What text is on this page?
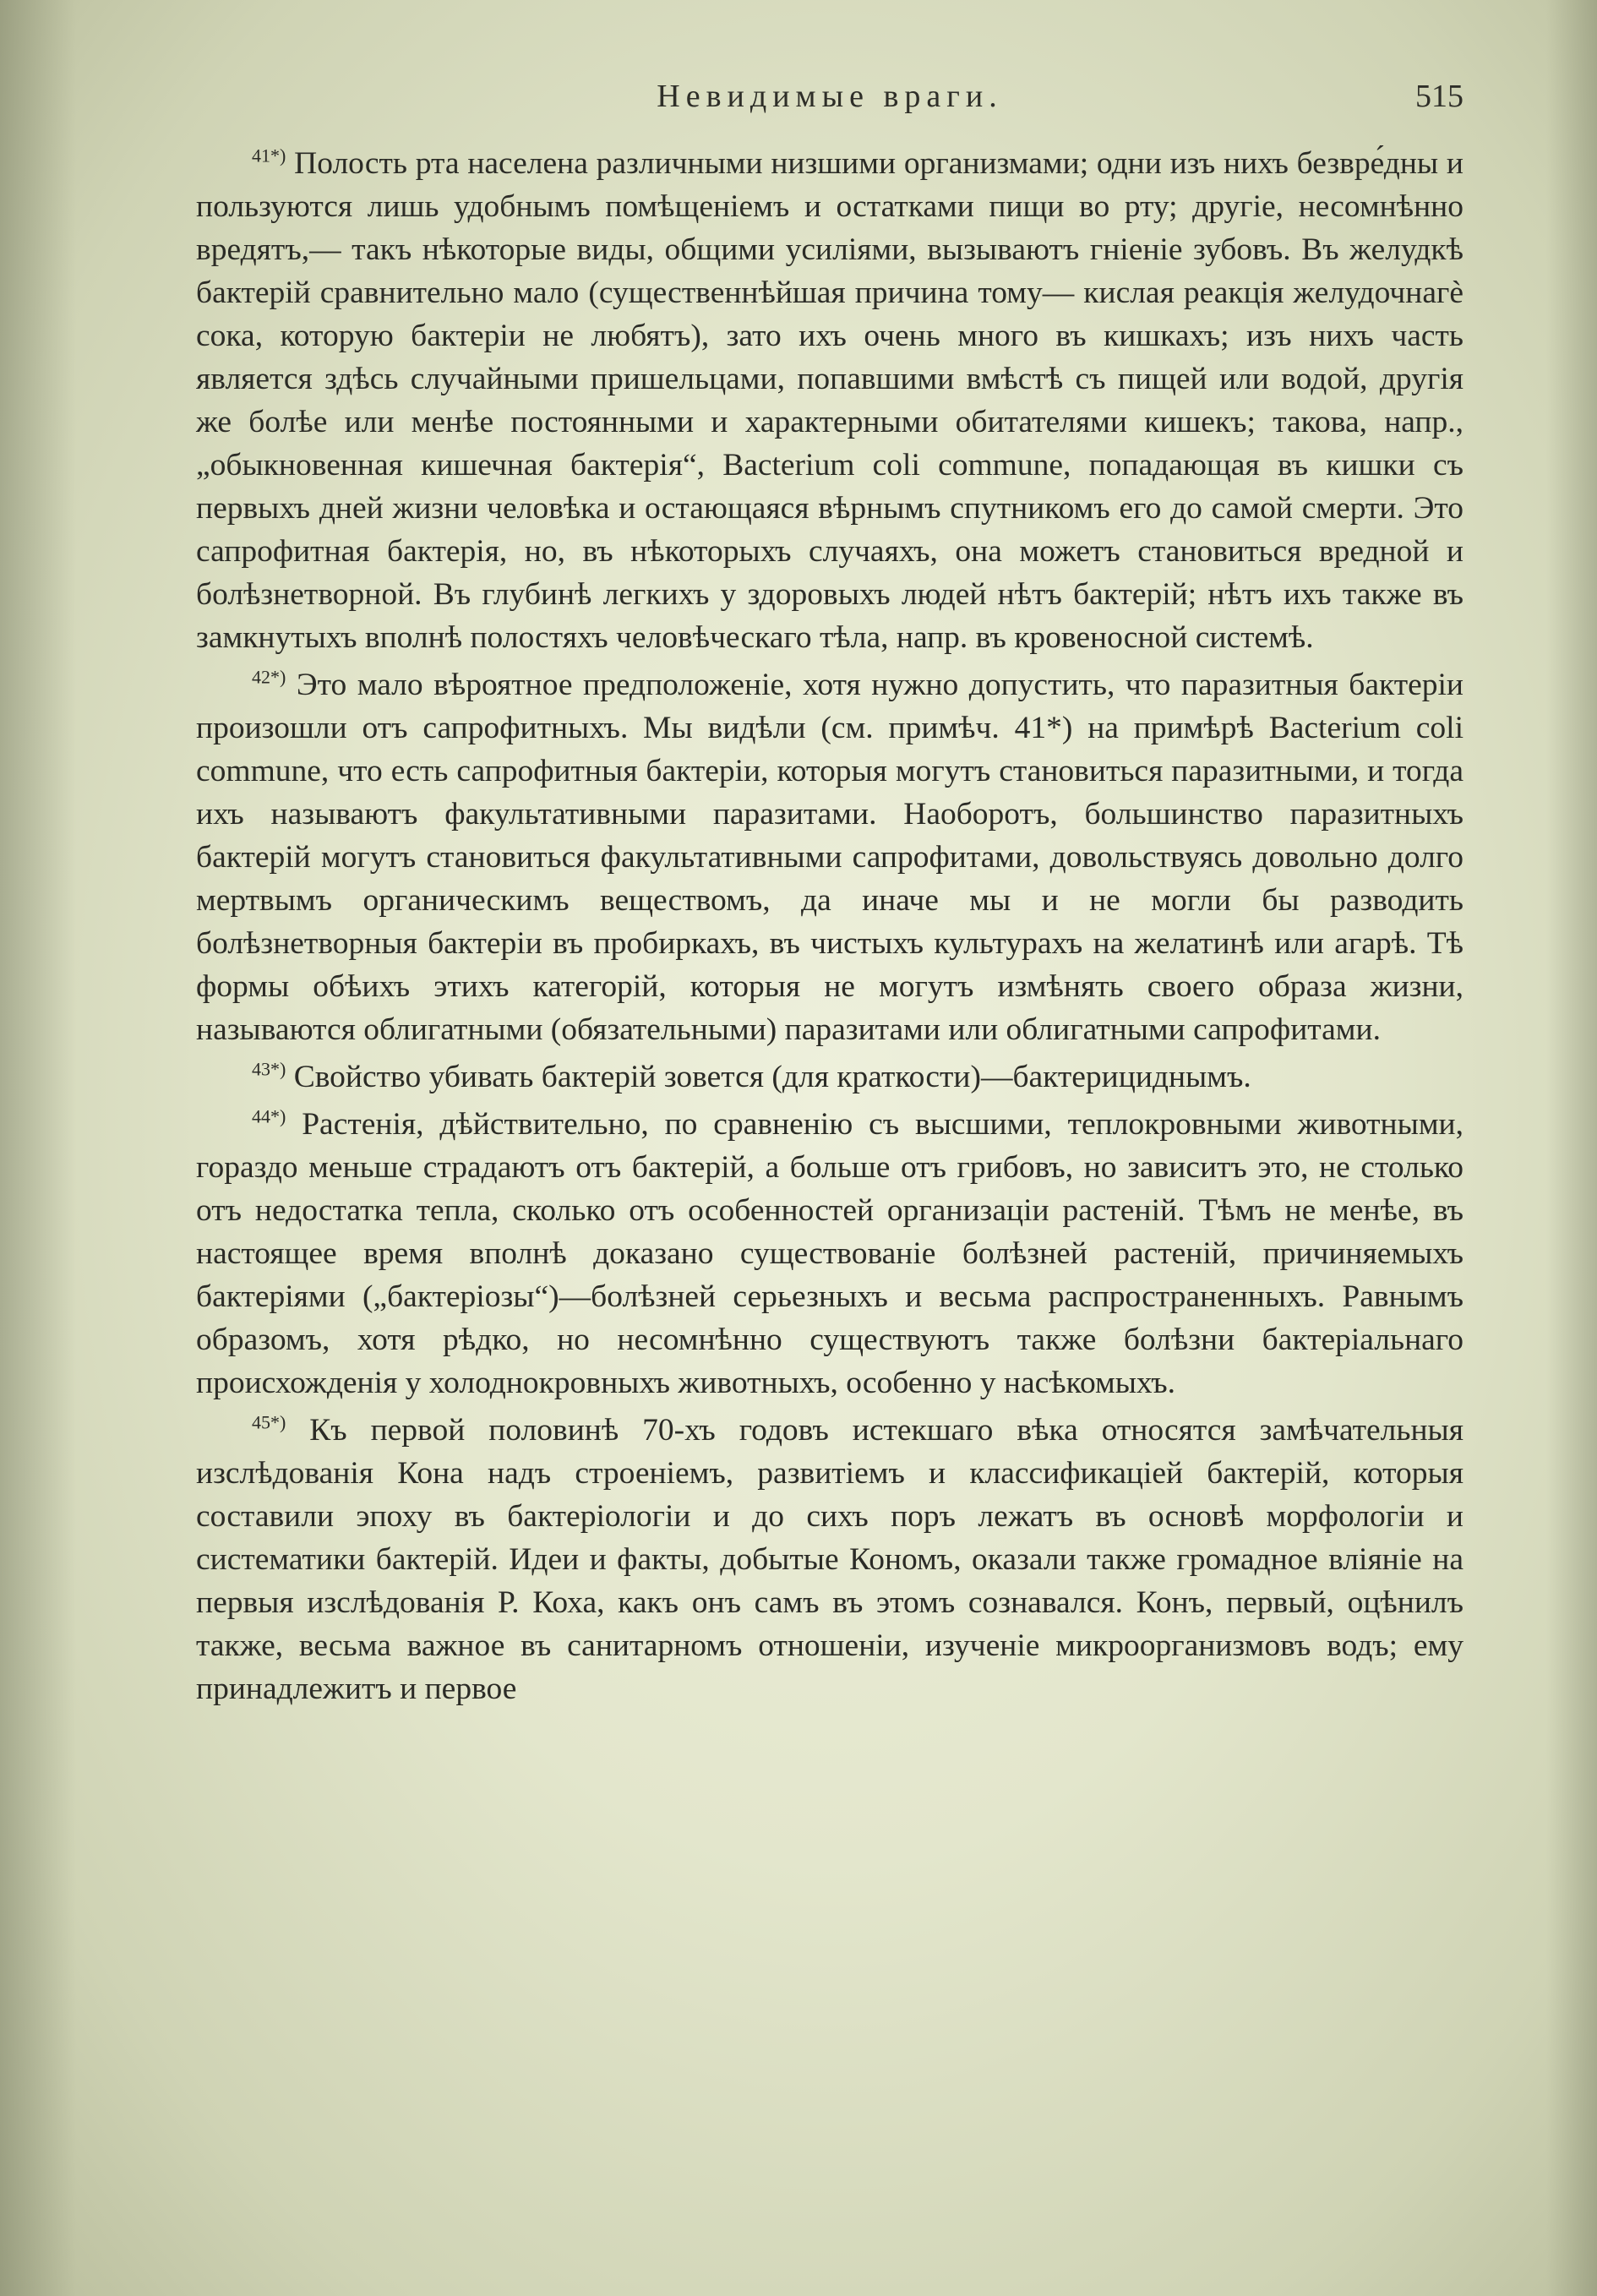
Невидимые враги.	515

$^{41*)}$ Полость рта населена различными низшими организмами; одни изъ нихъ безвре́дны и пользуются лишь удобнымъ помѣщеніемъ и остатками пищи во рту; другіе, несомнѣнно вредятъ,— такъ нѣкоторые виды, общими усиліями, вызываютъ гніеніе зубовъ. Въ желудкѣ бактерій сравнительно мало (существеннѣйшая причина тому— кислая реакція желудочнагѐ сока, которую бактеріи не любятъ), зато ихъ очень много въ кишкахъ; изъ нихъ часть является здѣсь случайными пришельцами, попавшими вмѣстѣ съ пищей или водой, другія же болѣе или менѣе постоянными и характерными обитателями кишекъ; такова, напр., „обыкновенная кишечная бактерія“, Bacterium coli commune, попадающая въ кишки съ первыхъ дней жизни человѣка и остающаяся вѣрнымъ спутникомъ его до самой смерти. Это сапрофитная бактерія, но, въ нѣкоторыхъ случаяхъ, она можетъ становиться вредной и болѣзнетворной. Въ глубинѣ легкихъ у здоровыхъ людей нѣтъ бактерій; нѣтъ ихъ также въ замкнутыхъ вполнѣ полостяхъ человѣческаго тѣла, напр. въ кровеносной системѣ.

$^{42*)}$ Это мало вѣроятное предположеніе, хотя нужно допустить, что паразитныя бактеріи произошли отъ сапрофитныхъ. Мы видѣли (см. примѣч. 41*) на примѣрѣ Bacterium coli commune, что есть сапрофитныя бактеріи, которыя могутъ становиться паразитными, и тогда ихъ называютъ факультативными паразитами. Наоборотъ, большинство паразитныхъ бактерій могутъ становиться факультативными сапрофитами, довольствуясь довольно долго мертвымъ органическимъ веществомъ, да иначе мы и не могли бы разводить болѣзнетворныя бактеріи въ пробиркахъ, въ чистыхъ культурахъ на желатинѣ или агарѣ. Тѣ формы обѣихъ этихъ категорій, которыя не могутъ измѣнять своего образа жизни, называются облигатными (обязательными) паразитами или облигатными сапрофитами.

$^{43*)}$ Свойство убивать бактерій зовется (для краткости)—бактерициднымъ.

$^{44*)}$ Растенія, дѣйствительно, по сравненію съ высшими, теплокровными животными, гораздо меньше страдаютъ отъ бактерій, а больше отъ грибовъ, но зависитъ это, не столько отъ недостатка тепла, сколько отъ особенностей организаціи растеній. Тѣмъ не менѣе, въ настоящее время вполнѣ доказано существованіе болѣзней растеній, причиняемыхъ бактеріями („бактеріозы“)—болѣзней серьезныхъ и весьма распространенныхъ. Равнымъ образомъ, хотя рѣдко, но несомнѣнно существуютъ также болѣзни бактеріальнаго происхожденія у холоднокровныхъ животныхъ, особенно у насѣкомыхъ.

$^{45*)}$ Къ первой половинѣ 70-хъ годовъ истекшаго вѣка относятся замѣчательныя изслѣдованія Кона надъ строеніемъ, развитіемъ и классификаціей бактерій, которыя составили эпоху въ бактеріологіи и до сихъ поръ лежатъ въ основѣ морфологіи и систематики бактерій. Идеи и факты, добытые Кономъ, оказали также громадное вліяніе на первыя изслѣдованія Р. Коха, какъ онъ самъ въ этомъ сознавался. Конъ, первый, оцѣнилъ также, весьма важное въ санитарномъ отношеніи, изученіе микроорганизмовъ водъ; ему принадлежитъ и первое
